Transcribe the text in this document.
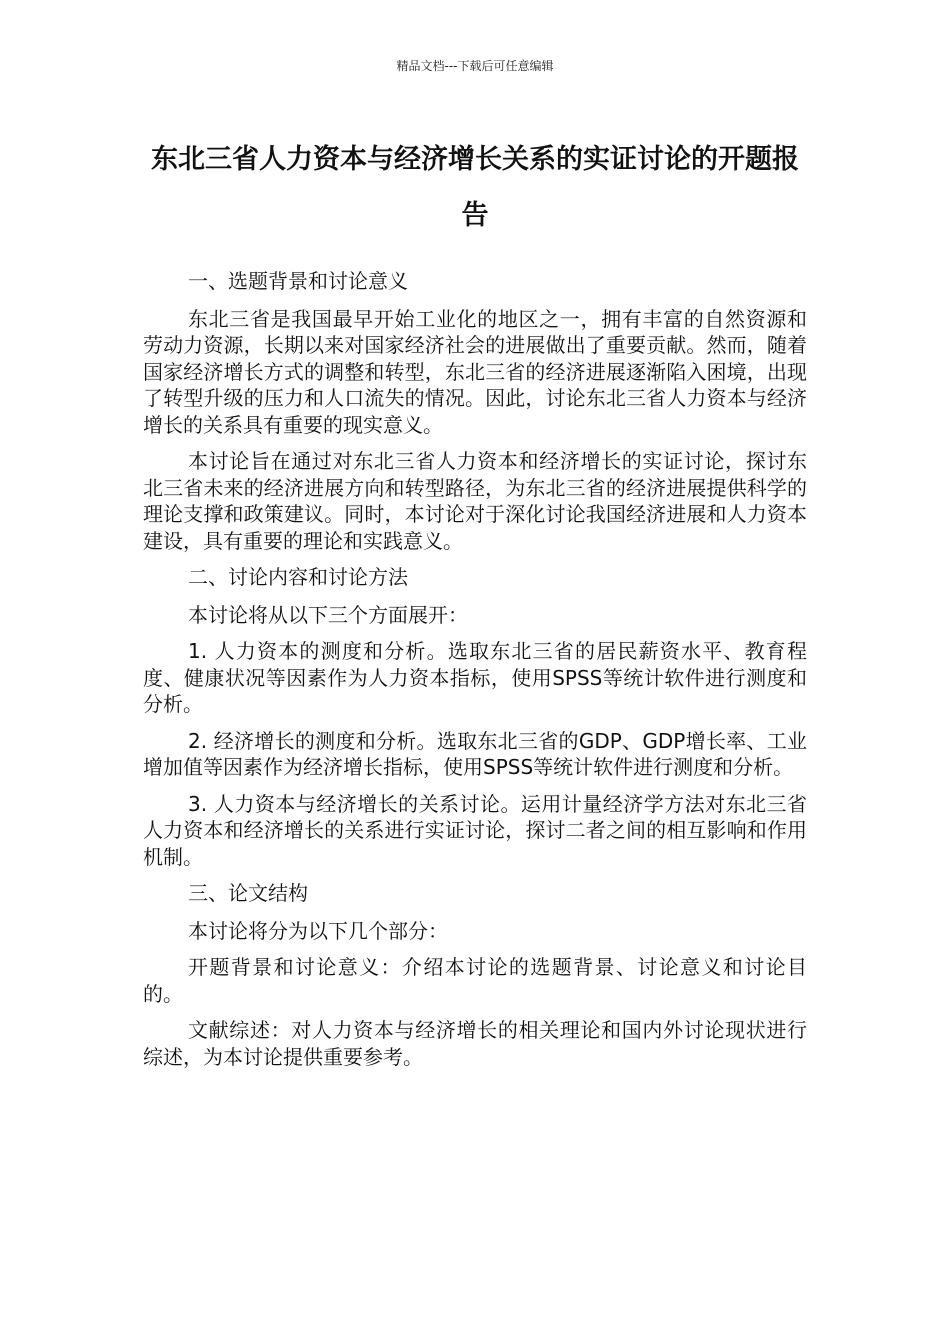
精品文档---下载后可任意编辑
东北三省人力资本与经济增长关系的实证讨论的开题报告

一、选题背景和讨论意义

东北三省是我国最早开始工业化的地区之一，拥有丰富的自然资源和劳动力资源，长期以来对国家经济社会的进展做出了重要贡献。然而，随着国家经济增长方式的调整和转型，东北三省的经济进展逐渐陷入困境，出现了转型升级的压力和人口流失的情况。因此，讨论东北三省人力资本与经济增长的关系具有重要的现实意义。

本讨论旨在通过对东北三省人力资本和经济增长的实证讨论，探讨东北三省未来的经济进展方向和转型路径，为东北三省的经济进展提供科学的理论支撑和政策建议。同时，本讨论对于深化讨论我国经济进展和人力资本建设，具有重要的理论和实践意义。

二、讨论内容和讨论方法

本讨论将从以下三个方面展开：

1. 人力资本的测度和分析。选取东北三省的居民薪资水平、教育程度、健康状况等因素作为人力资本指标，使用SPSS等统计软件进行测度和分析。

2. 经济增长的测度和分析。选取东北三省的GDP、GDP增长率、工业增加值等因素作为经济增长指标，使用SPSS等统计软件进行测度和分析。

3. 人力资本与经济增长的关系讨论。运用计量经济学方法对东北三省人力资本和经济增长的关系进行实证讨论，探讨二者之间的相互影响和作用机制。

三、论文结构

本讨论将分为以下几个部分：

开题背景和讨论意义：介绍本讨论的选题背景、讨论意义和讨论目的。

文献综述：对人力资本与经济增长的相关理论和国内外讨论现状进行综述，为本讨论提供重要参考。
